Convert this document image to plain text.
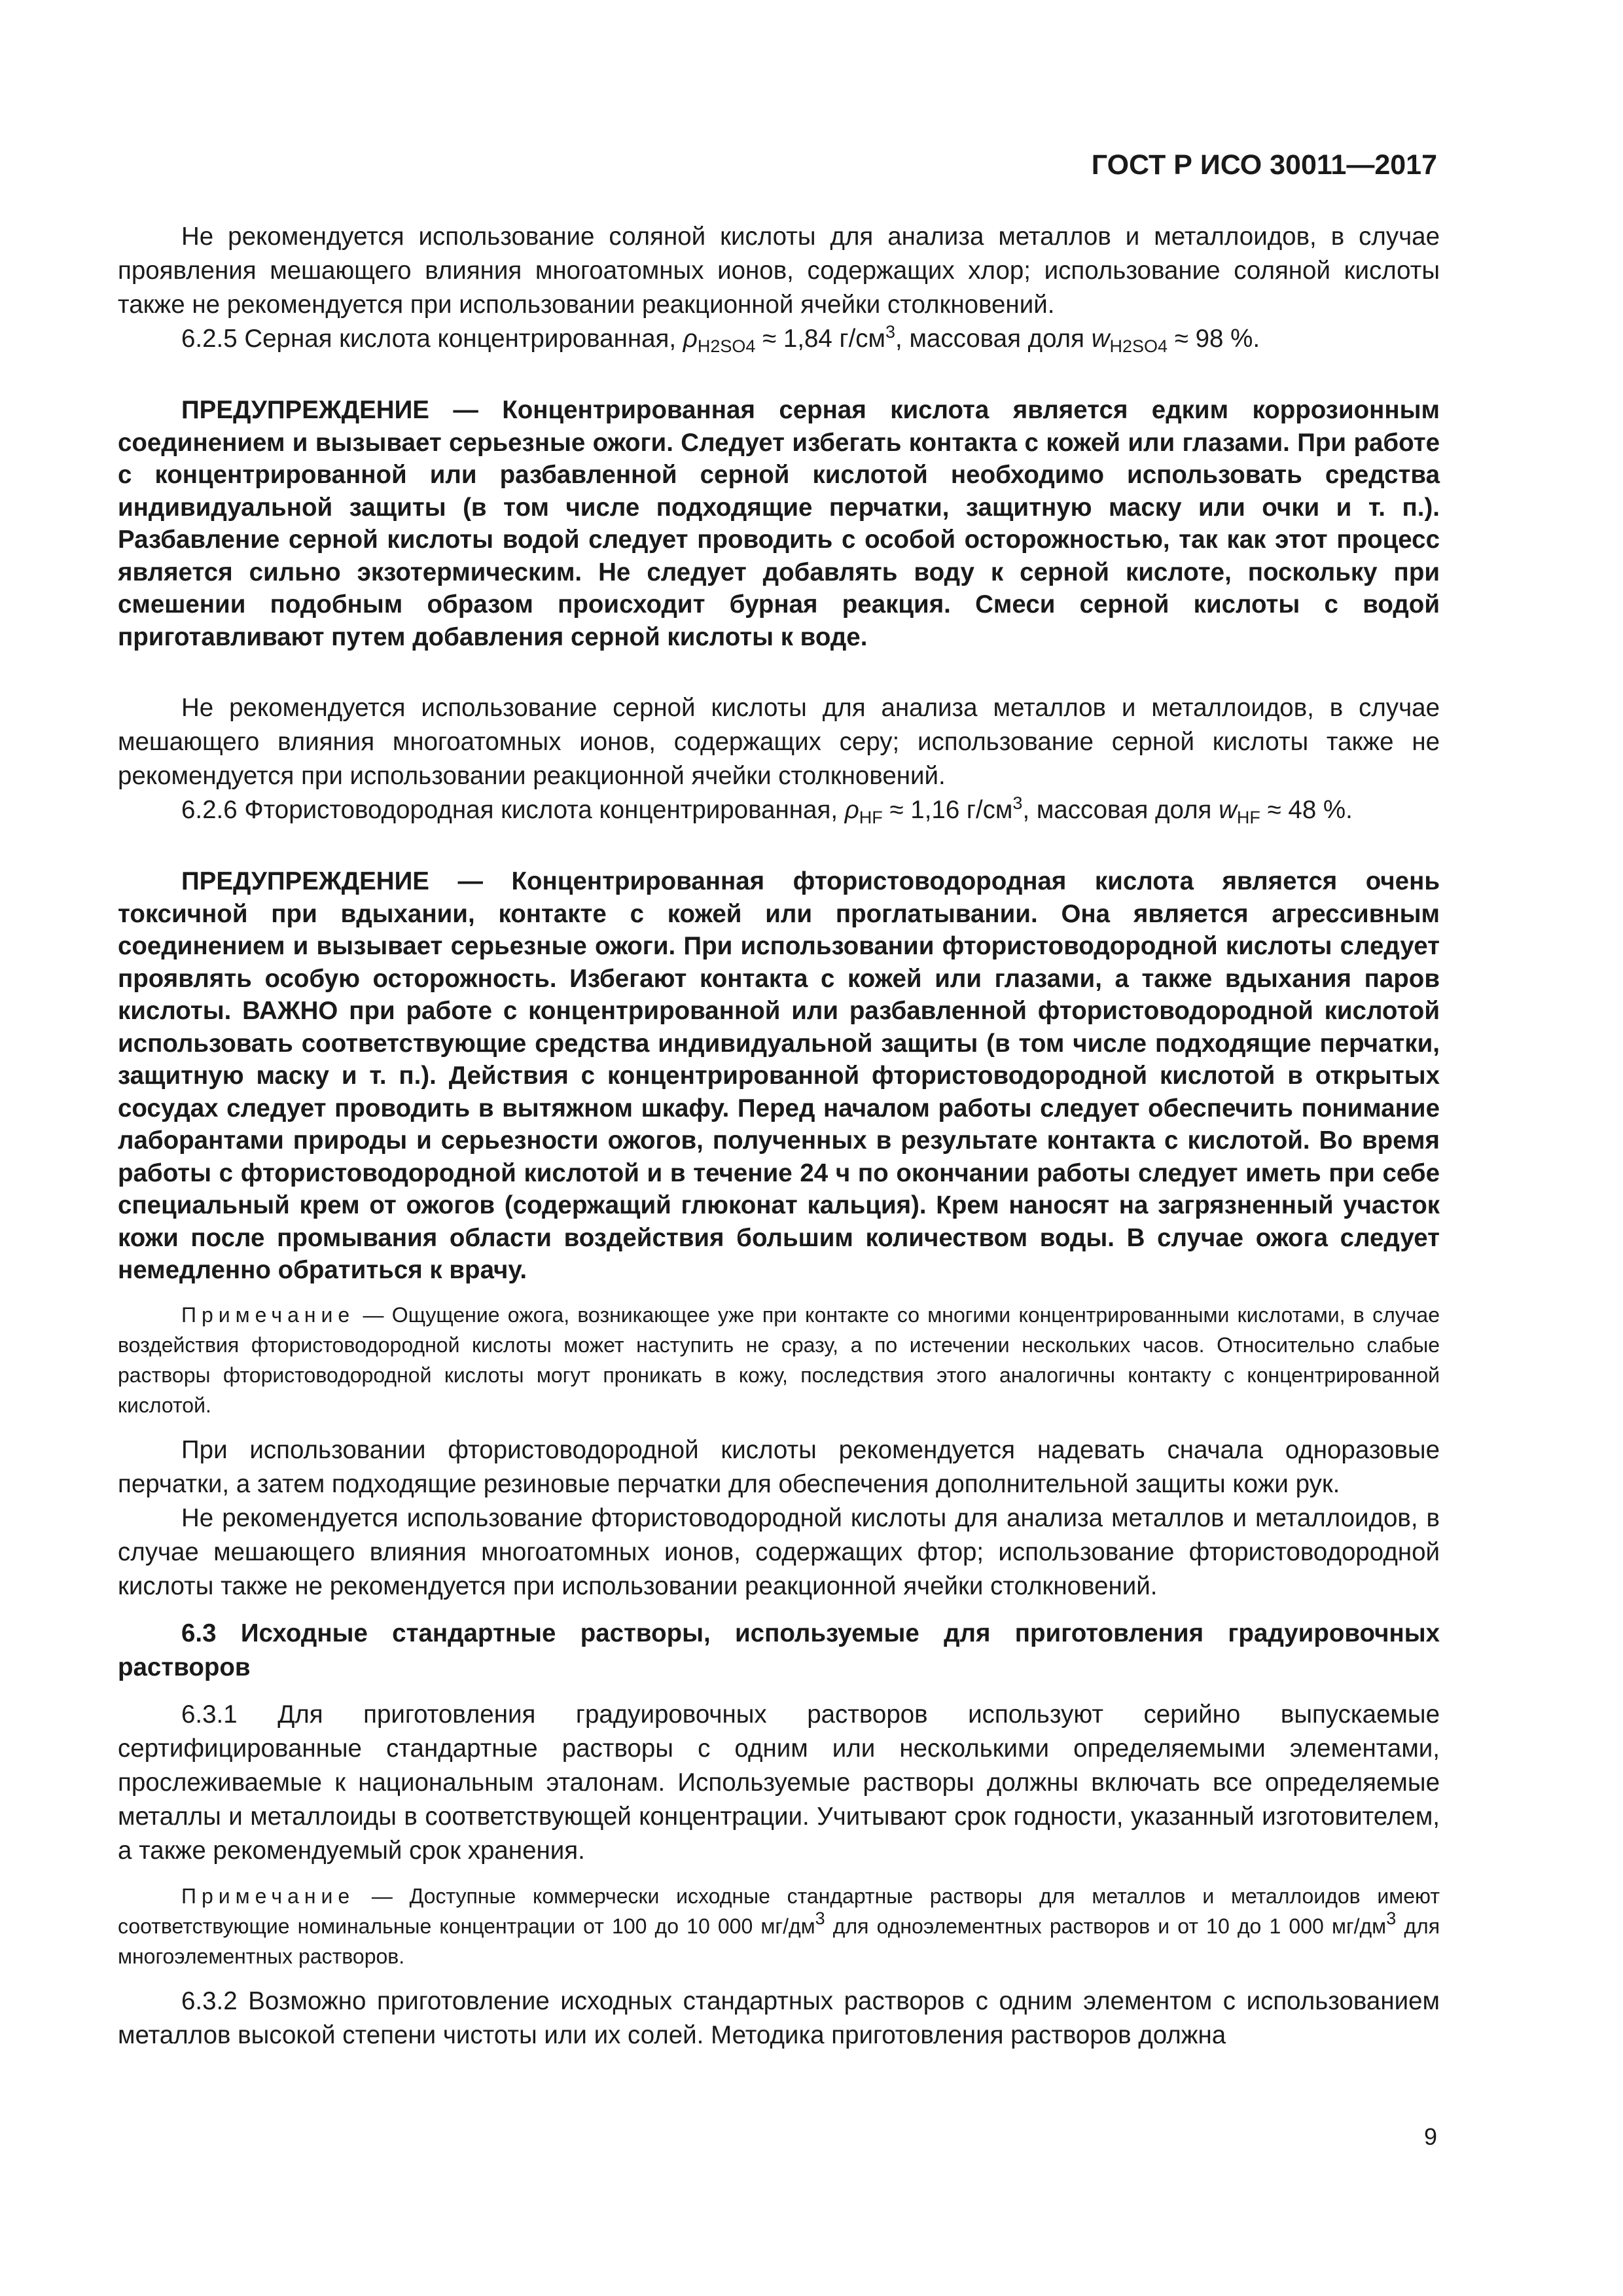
ГОСТ Р ИСО 30011—2017

Не рекомендуется использование соляной кислоты для анализа металлов и металлоидов, в случае проявления мешающего влияния многоатомных ионов, содержащих хлор; использование соляной кислоты также не рекомендуется при использовании реакционной ячейки столкновений.

6.2.5 Серная кислота концентрированная, $\rho_{H2SO4} \approx 1,84$ $г/см^3$, массовая доля $w_{H2SO4} \approx 98$ %.

ПРЕДУПРЕЖДЕНИЕ — Концентрированная серная кислота является едким коррозионным соединением и вызывает серьезные ожоги. Следует избегать контакта с кожей или глазами. При работе с концентрированной или разбавленной серной кислотой необходимо использовать средства индивидуальной защиты (в том числе подходящие перчатки, защитную маску или очки и т. п.). Разбавление серной кислоты водой следует проводить с особой осторожностью, так как этот процесс является сильно экзотермическим. Не следует добавлять воду к серной кислоте, поскольку при смешении подобным образом происходит бурная реакция. Смеси серной кислоты с водой приготавливают путем добавления серной кислоты к воде.

Не рекомендуется использование серной кислоты для анализа металлов и металлоидов, в случае мешающего влияния многоатомных ионов, содержащих серу; использование серной кислоты также не рекомендуется при использовании реакционной ячейки столкновений.

6.2.6 Фтористоводородная кислота концентрированная, $\rho_{HF} \approx 1,16$ $г/см^3$, массовая доля $w_{HF} \approx 48$ %.

ПРЕДУПРЕЖДЕНИЕ — Концентрированная фтористоводородная кислота является очень токсичной при вдыхании, контакте с кожей или проглатывании. Она является агрессивным соединением и вызывает серьезные ожоги. При использовании фтористоводородной кислоты следует проявлять особую осторожность. Избегают контакта с кожей или глазами, а также вдыхания паров кислоты. ВАЖНО при работе с концентрированной или разбавленной фтористоводородной кислотой использовать соответствующие средства индивидуальной защиты (в том числе подходящие перчатки, защитную маску и т. п.). Действия с концентрированной фтористоводородной кислотой в открытых сосудах следует проводить в вытяжном шкафу. Перед началом работы следует обеспечить понимание лаборантами природы и серьезности ожогов, полученных в результате контакта с кислотой. Во время работы с фтористоводородной кислотой и в течение 24 ч по окончании работы следует иметь при себе специальный крем от ожогов (содержащий глюконат кальция). Крем наносят на загрязненный участок кожи после промывания области воздействия большим количеством воды. В случае ожога следует немедленно обратиться к врачу.

Примечание — Ощущение ожога, возникающее уже при контакте со многими концентрированными кислотами, в случае воздействия фтористоводородной кислоты может наступить не сразу, а по истечении нескольких часов. Относительно слабые растворы фтористоводородной кислоты могут проникать в кожу, последствия этого аналогичны контакту с концентрированной кислотой.

При использовании фтористоводородной кислоты рекомендуется надевать сначала одноразовые перчатки, а затем подходящие резиновые перчатки для обеспечения дополнительной защиты кожи рук.

Не рекомендуется использование фтористоводородной кислоты для анализа металлов и металлоидов, в случае мешающего влияния многоатомных ионов, содержащих фтор; использование фтористоводородной кислоты также не рекомендуется при использовании реакционной ячейки столкновений.

6.3 Исходные стандартные растворы, используемые для приготовления градуировочных растворов

6.3.1 Для приготовления градуировочных растворов используют серийно выпускаемые сертифицированные стандартные растворы с одним или несколькими определяемыми элементами, прослеживаемые к национальным эталонам. Используемые растворы должны включать все определяемые металлы и металлоиды в соответствующей концентрации. Учитывают срок годности, указанный изготовителем, а также рекомендуемый срок хранения.

Примечание — Доступные коммерчески исходные стандартные растворы для металлов и металлоидов имеют соответствующие номинальные концентрации от 100 до 10 000 $мг/дм^3$ для одноэлементных растворов и от 10 до 1 000 $мг/дм^3$ для многоэлементных растворов.

6.3.2 Возможно приготовление исходных стандартных растворов с одним элементом с использованием металлов высокой степени чистоты или их солей. Методика приготовления растворов должна

9
